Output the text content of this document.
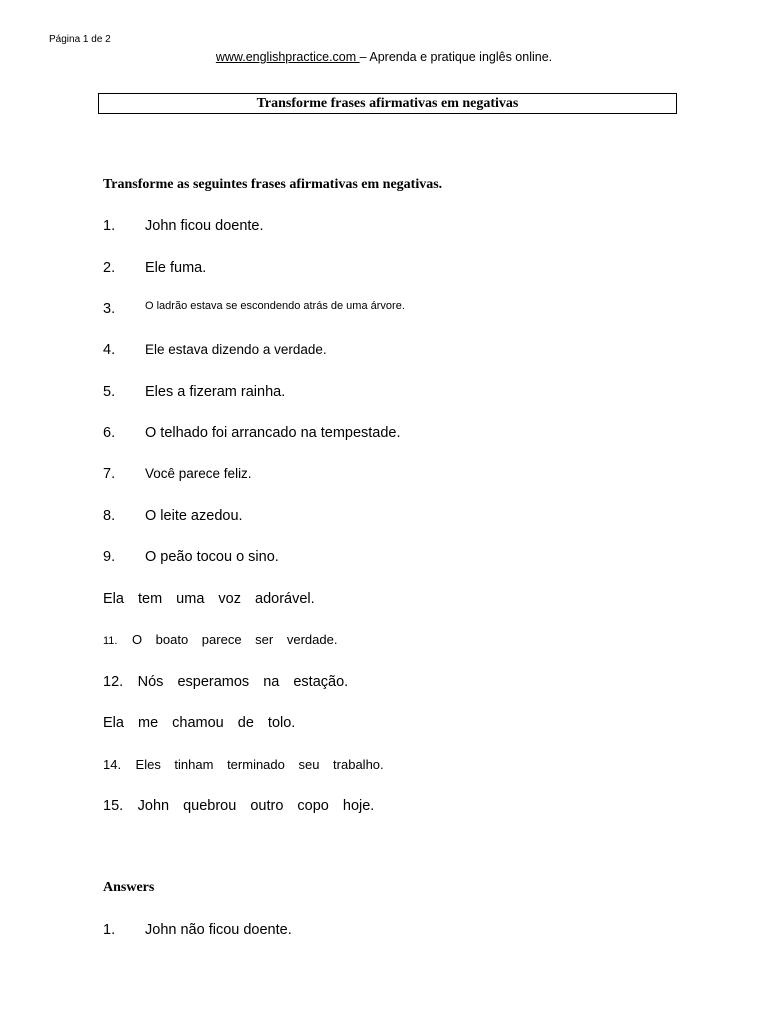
Página 1 de 2
www.englishpractice.com – Aprenda e pratique inglês online.
Transforme frases afirmativas em negativas
Transforme as seguintes frases afirmativas em negativas.
1. John ficou doente.
2. Ele fuma.
3.	$^{O ladrão estava se escondendo atrás de uma árvore.}$
4. Ele estava dizendo a verdade.
5. Eles a fizeram rainha.
6. O telhado foi arrancado na tempestade.
7. Você parece feliz.
8. O leite azedou.
9. O peão tocou o sino.
Ela tem uma voz adorável.
11. O boato parece ser verdade.
12. Nós esperamos na estação.
Ela me chamou de tolo.
14. Eles tinham terminado seu trabalho.
15. John quebrou outro copo hoje.
Answers
1. John não ficou doente.
